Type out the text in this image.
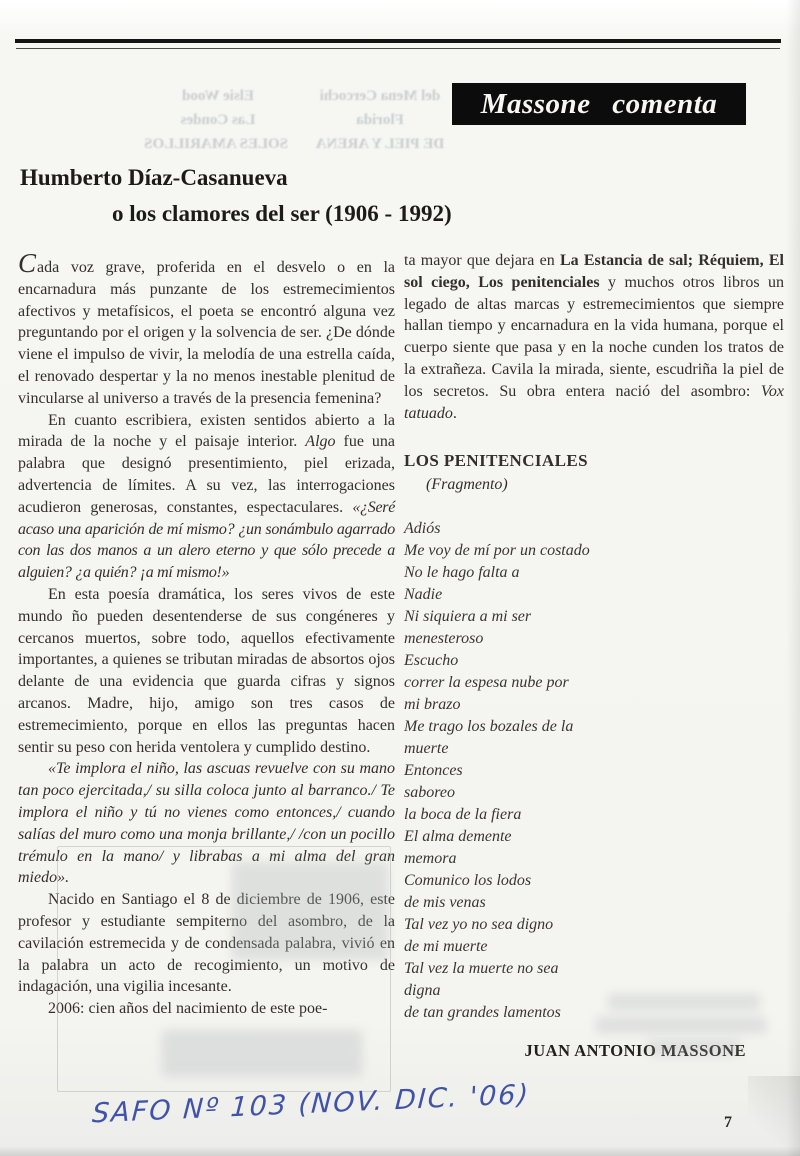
Elsie Wood
Las Condes
SOLES AMARILLOS
del Mena Cercochi
Florida
DE PIEL Y ARENA
Massone comenta
Humberto Díaz-Casanueva
o los clamores del ser (1906 - 1992)

Cada voz grave, proferida en el desvelo o en la encarnadura más punzante de los estremecimientos afectivos y metafísicos, el poeta se encontró alguna vez preguntando por el origen y la solvencia de ser. ¿De dónde viene el impulso de vivir, la melodía de una estrella caída, el renovado despertar y la no menos inestable plenitud de vincularse al universo a través de la presencia femenina?

En cuanto escribiera, existen sentidos abierto a la mirada de la noche y el paisaje interior. Algo fue una palabra que designó presentimiento, piel erizada, advertencia de límites. A su vez, las interrogaciones acudieron generosas, constantes, espectaculares. «¿Seré acaso una aparición de mí mismo? ¿un sonámbulo agarrado con las dos manos a un alero eterno y que sólo precede a alguien? ¿a quién? ¡a mí mismo!»

En esta poesía dramática, los seres vivos de este mundo ño pueden desentenderse de sus congéneres y cercanos muertos, sobre todo, aquellos efectivamente importantes, a quienes se tributan miradas de absortos ojos delante de una evidencia que guarda cifras y signos arcanos. Madre, hijo, amigo son tres casos de estremecimiento, porque en ellos las preguntas hacen sentir su peso con herida ventolera y cumplido destino.

«Te implora el niño, las ascuas revuelve con su mano tan poco ejercitada,/ su silla coloca junto al barranco./ Te implora el niño y tú no vienes como entonces,/ cuando salías del muro como una monja brillante,/ /con un pocillo trémulo en la mano/ y librabas a mi alma del gran miedo».

Nacido en Santiago el 8 de diciembre de 1906, este profesor y estudiante sempiterno del asombro, de la cavilación estremecida y de condensada palabra, vivió en la palabra un acto de recogimiento, un motivo de indagación, una vigilia incesante.

2006: cien años del nacimiento de este poe-

ta mayor que dejara en La Estancia de sal; Réquiem, El sol ciego, Los penitenciales y muchos otros libros un legado de altas marcas y estremecimientos que siempre hallan tiempo y encarnadura en la vida humana, porque el cuerpo siente que pasa y en la noche cunden los tratos de la extrañeza. Cavila la mirada, siente, escudriña la piel de los secretos. Su obra entera nació del asombro: Vox tatuado.

LOS PENITENCIALES
(Fragmento)
Adiós
Me voy de mí por un costado
No le hago falta a
Nadie
Ni siquiera a mi ser
menesteroso
Escucho
correr la espesa nube por
mi brazo
Me trago los bozales de la
muerte
Entonces
saboreo
la boca de la fiera
El alma demente
memora
Comunico los lodos
de mis venas
Tal vez yo no sea digno
de mi muerte
Tal vez la muerte no sea
digna
de tan grandes lamentos
JUAN ANTONIO MASSONE
SAFO Nº 103 (NOV. DIC. '06)	7
